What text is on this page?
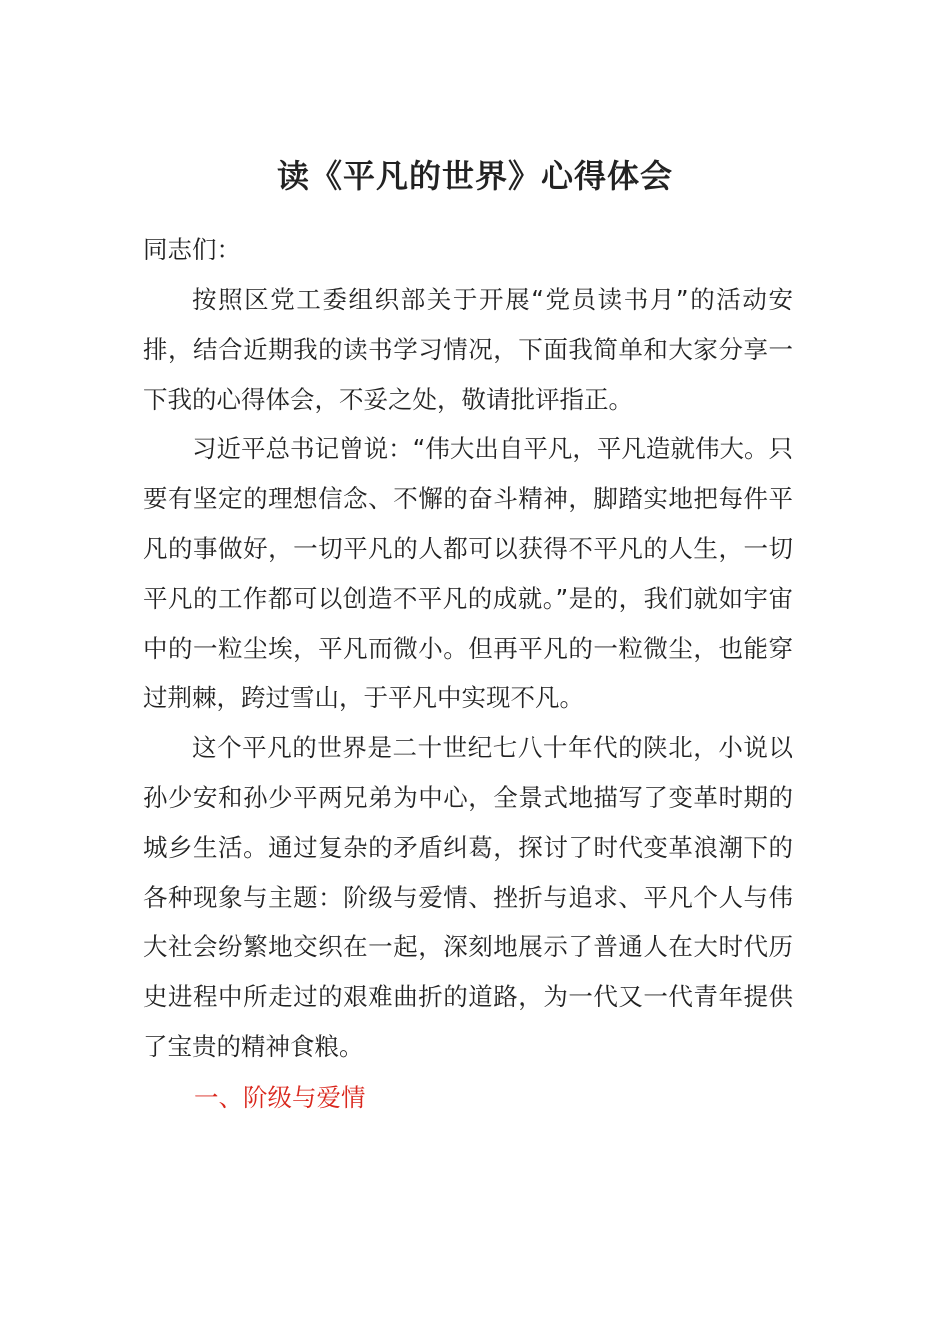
读《平凡的世界》心得体会
同志们：

按照区党工委组织部关于开展“党员读书月”的活动安排，结合近期我的读书学习情况，下面我简单和大家分享一下我的心得体会，不妥之处，敬请批评指正。

习近平总书记曾说：“伟大出自平凡，平凡造就伟大。只要有坚定的理想信念、不懈的奋斗精神，脚踏实地把每件平凡的事做好，一切平凡的人都可以获得不平凡的人生，一切平凡的工作都可以创造不平凡的成就。”是的，我们就如宇宙中的一粒尘埃，平凡而微小。但再平凡的一粒微尘，也能穿过荆棘，跨过雪山，于平凡中实现不凡。

这个平凡的世界是二十世纪七八十年代的陕北，小说以孙少安和孙少平两兄弟为中心，全景式地描写了变革时期的城乡生活。通过复杂的矛盾纠葛，探讨了时代变革浪潮下的各种现象与主题：阶级与爱情、挫折与追求、平凡个人与伟大社会纷繁地交织在一起，深刻地展示了普通人在大时代历史进程中所走过的艰难曲折的道路，为一代又一代青年提供了宝贵的精神食粮。

一、阶级与爱情
